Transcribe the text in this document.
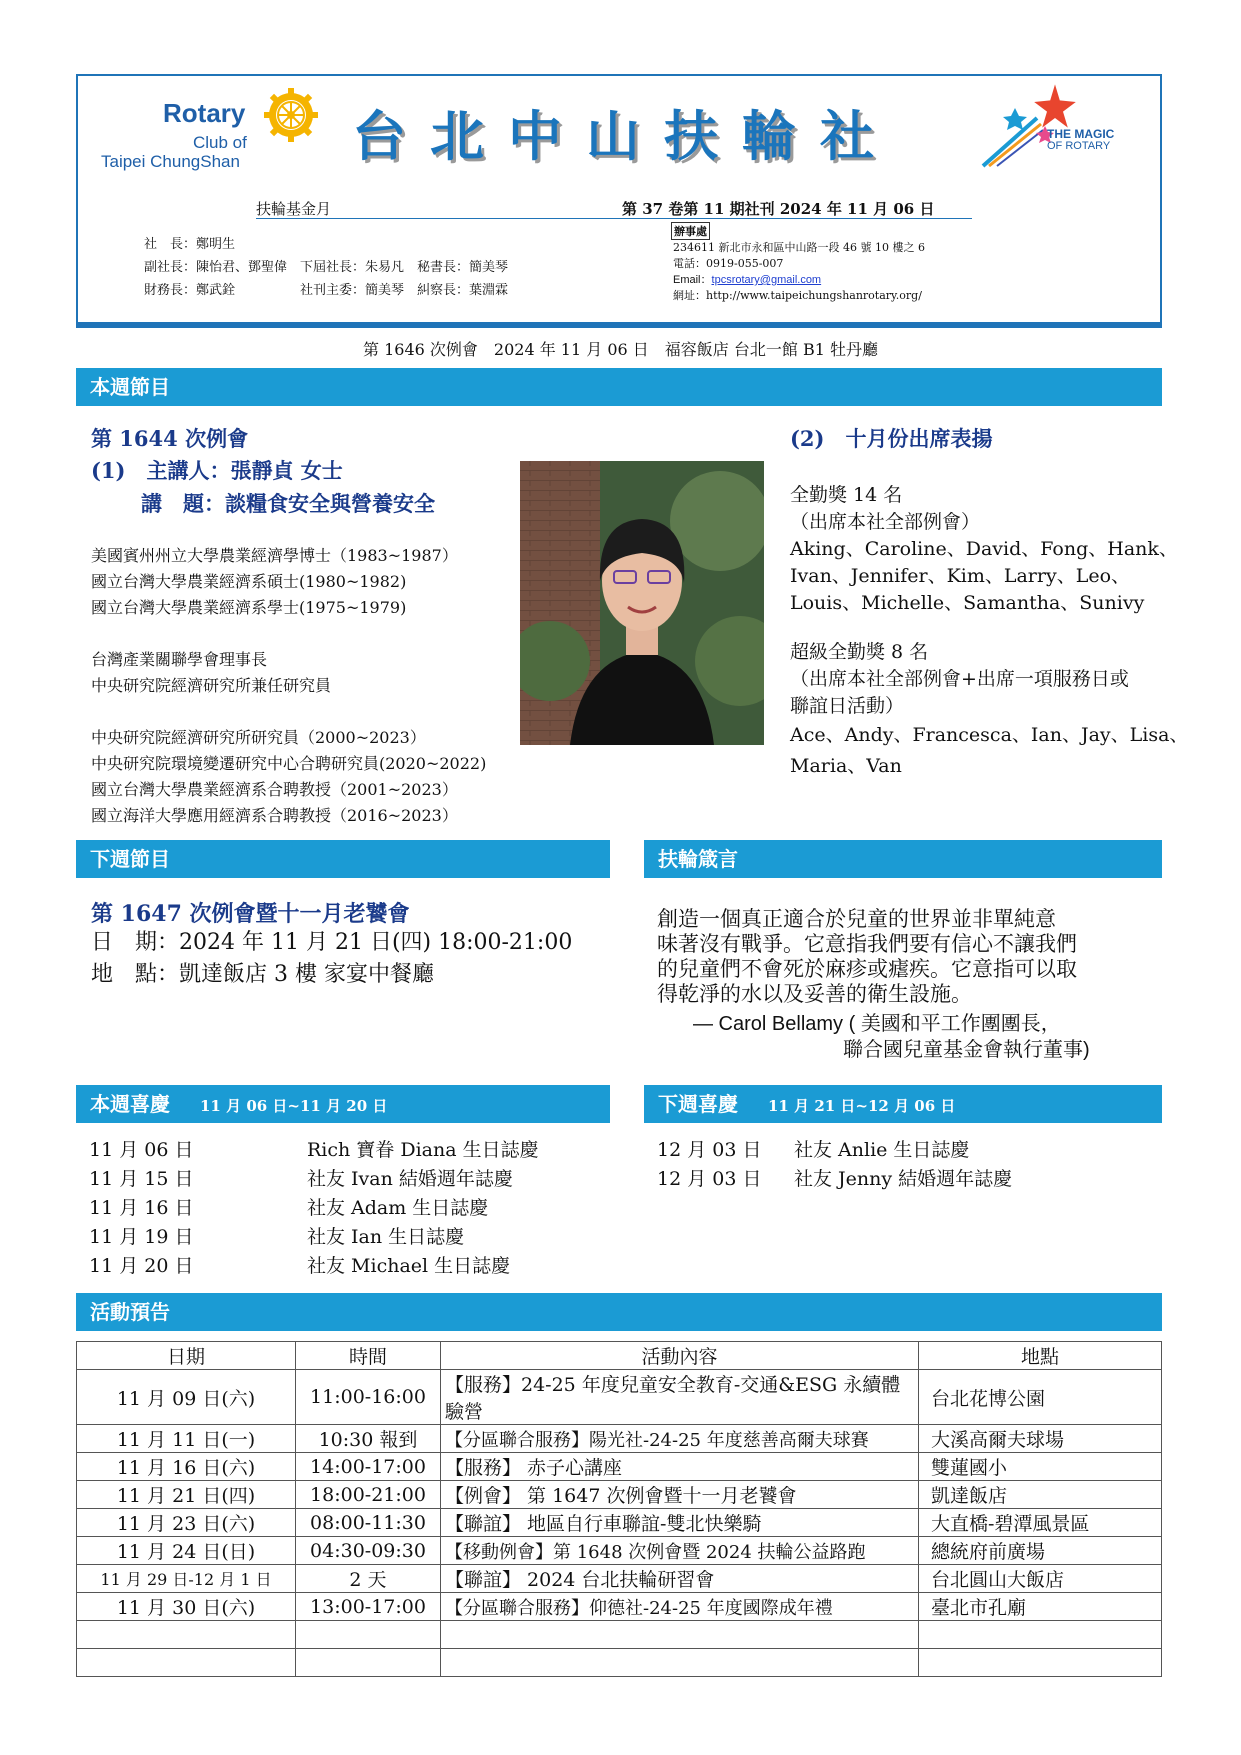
Rotary
Club of
Taipei ChungShan 台北中山扶輪社	THE MAGIC
OF ROTARY
扶輪基金月	第 37 卷第 11 期社刊 2024 年 11 月 06 日
社　長：鄭明生
副社長：陳怡君、鄧聖偉　下屆社長：朱易凡　秘書長：簡美琴
財務長：鄭武銓　　　　　社刊主委：簡美琴　糾察長：葉淵霖
辦事處
234611 新北市永和區中山路一段 46 號 10 樓之 6
電話：0919-055-007
Email：tpcsrotary@gmail.com
網址：http://www.taipeichungshanrotary.org/
第 1646 次例會　2024 年 11 月 06 日　福容飯店 台北一館 B1 牡丹廳
本週節目
第 1644 次例會
(1)　主講人：張靜貞 女士
講　題：談糧食安全與營養安全
美國賓州州立大學農業經濟學博士（1983~1987）
國立台灣大學農業經濟系碩士(1980~1982)
國立台灣大學農業經濟系學士(1975~1979)
台灣產業關聯學會理事長
中央研究院經濟研究所兼任研究員
中央研究院經濟研究所研究員（2000~2023）
中央研究院環境變遷研究中心合聘研究員(2020~2022)
國立台灣大學農業經濟系合聘教授（2001~2023）
國立海洋大學應用經濟系合聘教授（2016~2023）
(2)　十月份出席表揚
全勤獎 14 名
（出席本社全部例會）
Aking、Caroline、David、Fong、Hank、
Ivan、Jennifer、Kim、Larry、Leo、
Louis、Michelle、Samantha、Sunivy
超級全勤獎 8 名
（出席本社全部例會+出席一項服務日或
聯誼日活動）
Ace、Andy、Francesca、Ian、Jay、Lisa、
Maria、Van
下週節目	扶輪箴言
第 1647 次例會暨十一月老饕會
日　期：2024 年 11 月 21 日(四) 18:00-21:00
地　點：凱達飯店 3 樓 家宴中餐廳
創造一個真正適合於兒童的世界並非單純意
味著沒有戰爭。它意指我們要有信心不讓我們
的兒童們不會死於麻疹或瘧疾。它意指可以取
得乾淨的水以及妥善的衛生設施。
— Carol Bellamy ( 美國和平工作團團長，
聯合國兒童基金會執行董事)
本週喜慶 11 月 06 日~11 月 20 日	下週喜慶 11 月 21 日~12 月 06 日
11 月 06 日	Rich 寶眷 Diana 生日誌慶
11 月 15 日	社友 Ivan 結婚週年誌慶
11 月 16 日	社友 Adam 生日誌慶
11 月 19 日	社友 Ian 生日誌慶
11 月 20 日	社友 Michael 生日誌慶
12 月 03 日 社友 Anlie 生日誌慶
12 月 03 日 社友 Jenny 結婚週年誌慶
活動預告
日期	時間	活動內容	地點
11 月 09 日(六)	11:00-16:00	【服務】24-25 年度兒童安全教育-交通&ESG 永續體驗營	台北花博公園
11 月 11 日(一)	10:30 報到	【分區聯合服務】陽光社-24-25 年度慈善高爾夫球賽	大溪高爾夫球場
11 月 16 日(六)	14:00-17:00	【服務】 赤子心講座	雙蓮國小
11 月 21 日(四)	18:00-21:00	【例會】 第 1647 次例會暨十一月老饕會	凱達飯店
11 月 23 日(六)	08:00-11:30	【聯誼】 地區自行車聯誼-雙北快樂騎	大直橋-碧潭風景區
11 月 24 日(日)	04:30-09:30	【移動例會】第 1648 次例會暨 2024 扶輪公益路跑	總統府前廣場
11 月 29 日-12 月 1 日	2 天	【聯誼】 2024 台北扶輪研習會	台北圓山大飯店
11 月 30 日(六)	13:00-17:00	【分區聯合服務】仰德社-24-25 年度國際成年禮	臺北市孔廟
